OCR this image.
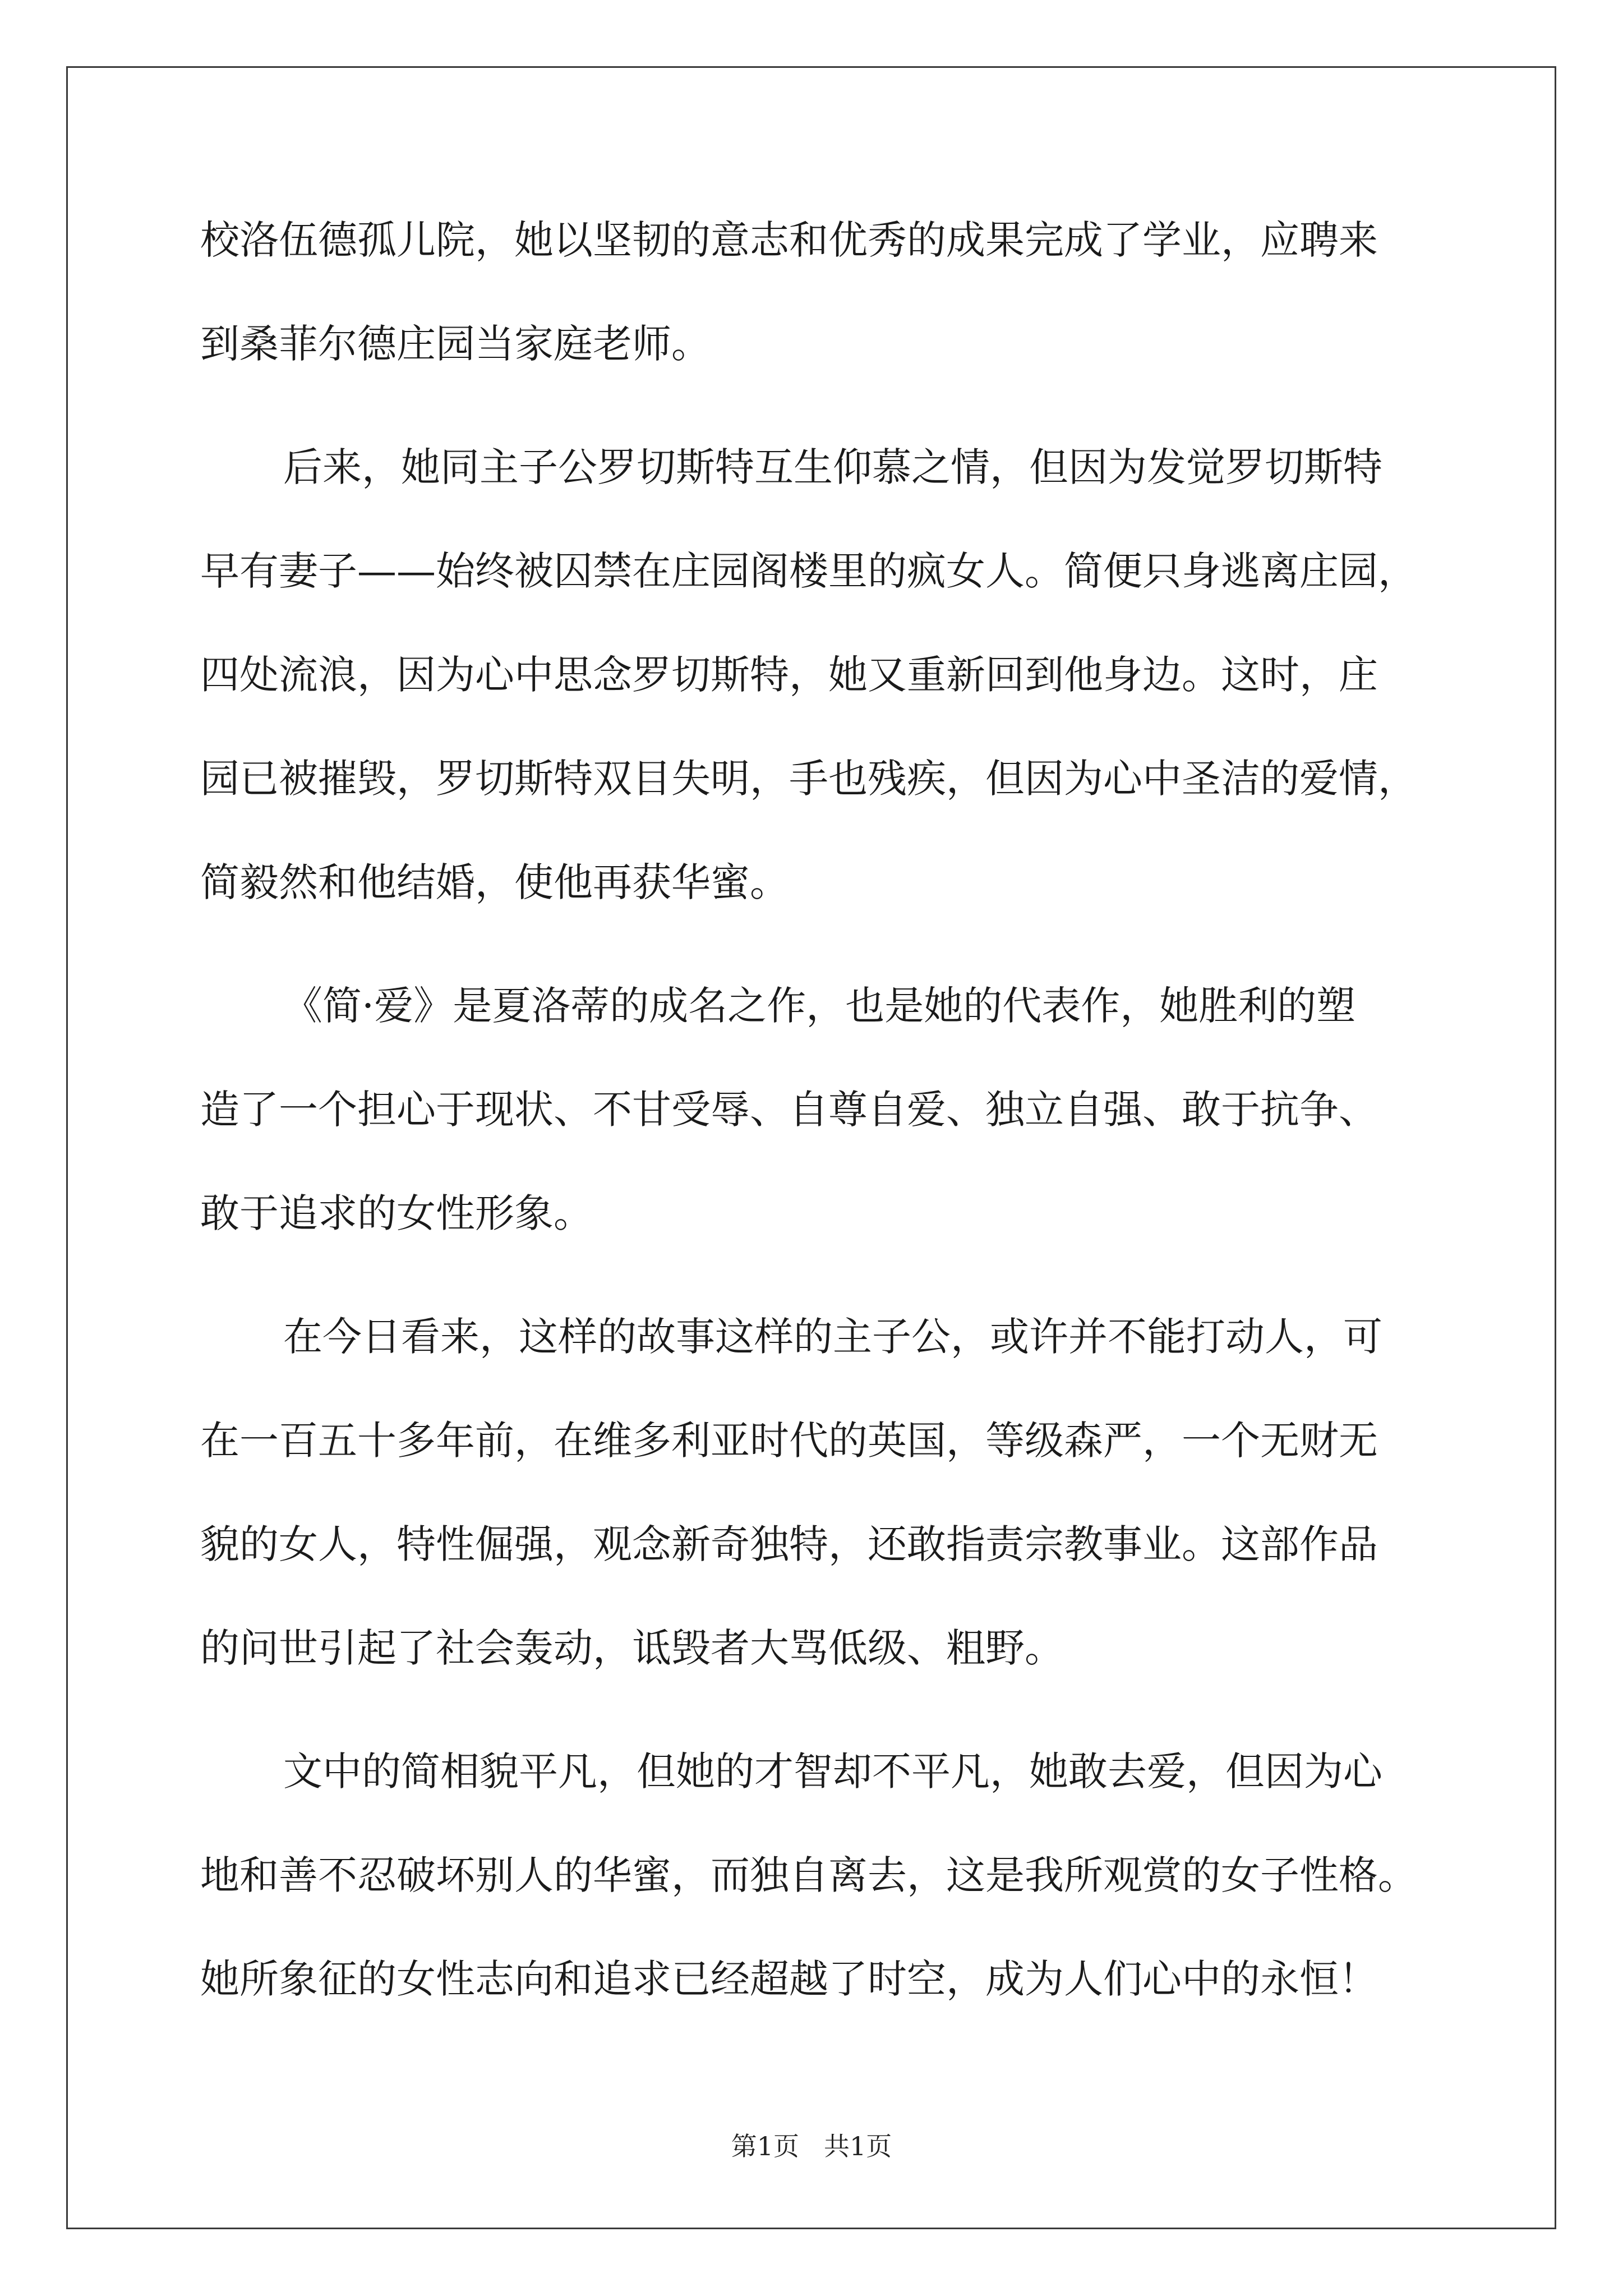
校洛伍德孤儿院，她以坚韧的意志和优秀的成果完成了学业，应聘来
到桑菲尔德庄园当家庭老师。
后来，她同主子公罗切斯特互生仰慕之情，但因为发觉罗切斯特
早有妻子——始终被囚禁在庄园阁楼里的疯女人。简便只身逃离庄园，
四处流浪，因为心中思念罗切斯特，她又重新回到他身边。这时，庄
园已被摧毁，罗切斯特双目失明，手也残疾，但因为心中圣洁的爱情，
简毅然和他结婚，使他再获华蜜。
《简·爱》是夏洛蒂的成名之作，也是她的代表作，她胜利的塑
造了一个担心于现状、不甘受辱、自尊自爱、独立自强、敢于抗争、
敢于追求的女性形象。
在今日看来，这样的故事这样的主子公，或许并不能打动人，可
在一百五十多年前，在维多利亚时代的英国，等级森严，一个无财无
貌的女人，特性倔强，观念新奇独特，还敢指责宗教事业。这部作品
的问世引起了社会轰动，诋毁者大骂低级、粗野。
文中的简相貌平凡，但她的才智却不平凡，她敢去爱，但因为心
地和善不忍破坏别人的华蜜，而独自离去，这是我所观赏的女子性格。
她所象征的女性志向和追求已经超越了时空，成为人们心中的永恒！
第1页 共1页
